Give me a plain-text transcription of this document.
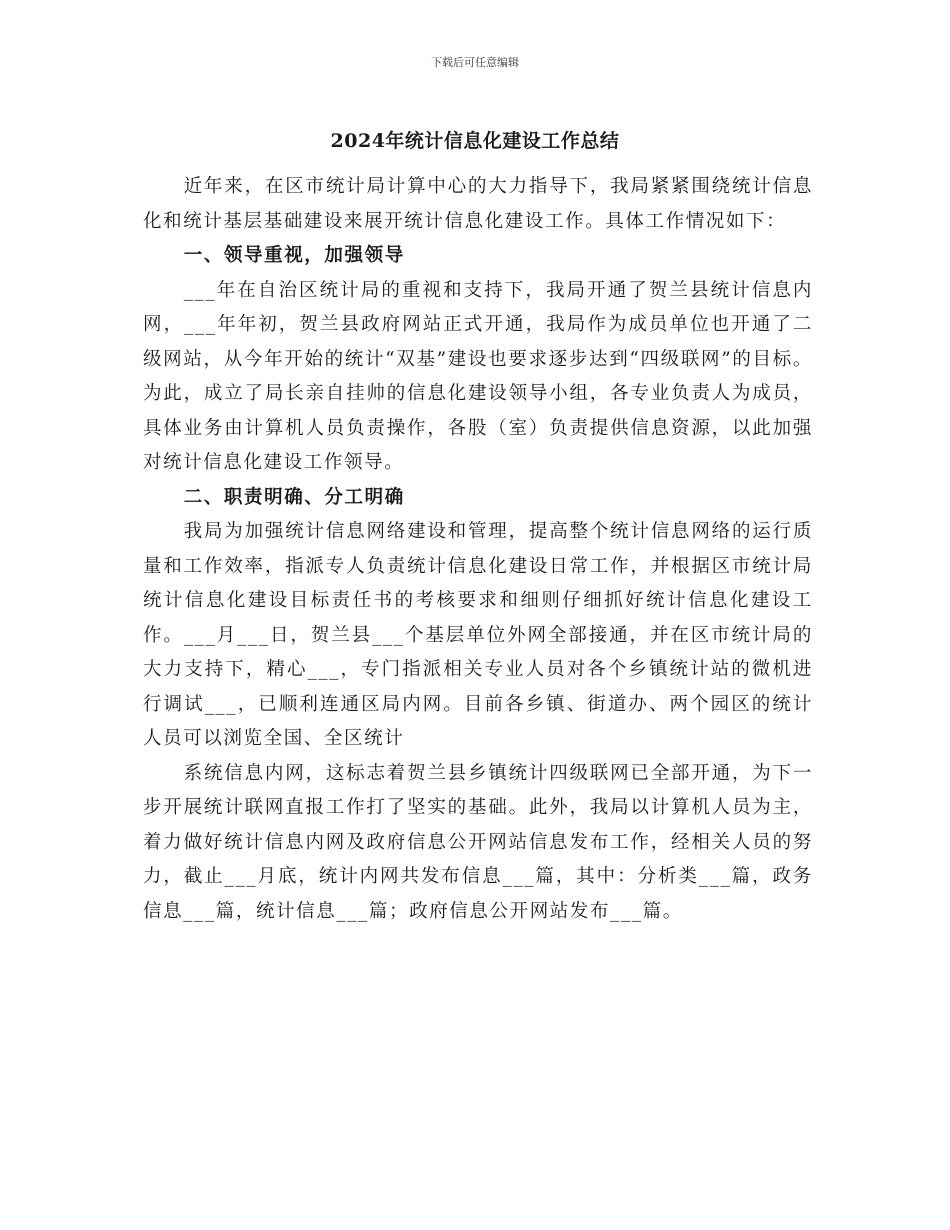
下载后可任意编辑
2024年统计信息化建设工作总结

近年来，在区市统计局计算中心的大力指导下，我局紧紧围绕统计信息化和统计基层基础建设来展开统计信息化建设工作。具体工作情况如下：

一、领导重视，加强领导

___年在自治区统计局的重视和支持下，我局开通了贺兰县统计信息内网，___年年初，贺兰县政府网站正式开通，我局作为成员单位也开通了二级网站，从今年开始的统计“双基”建设也要求逐步达到“四级联网”的目标。为此，成立了局长亲自挂帅的信息化建设领导小组，各专业负责人为成员，具体业务由计算机人员负责操作，各股（室）负责提供信息资源，以此加强对统计信息化建设工作领导。

二、职责明确、分工明确

我局为加强统计信息网络建设和管理，提高整个统计信息网络的运行质量和工作效率，指派专人负责统计信息化建设日常工作，并根据区市统计局统计信息化建设目标责任书的考核要求和细则仔细抓好统计信息化建设工作。___月___日，贺兰县___个基层单位外网全部接通，并在区市统计局的大力支持下，精心___，专门指派相关专业人员对各个乡镇统计站的微机进行调试___，已顺利连通区局内网。目前各乡镇、街道办、两个园区的统计人员可以浏览全国、全区统计

系统信息内网，这标志着贺兰县乡镇统计四级联网已全部开通，为下一步开展统计联网直报工作打了坚实的基础。此外，我局以计算机人员为主，着力做好统计信息内网及政府信息公开网站信息发布工作，经相关人员的努力，截止___月底，统计内网共发布信息___篇，其中：分析类___篇，政务信息___篇，统计信息___篇；政府信息公开网站发布___篇。
